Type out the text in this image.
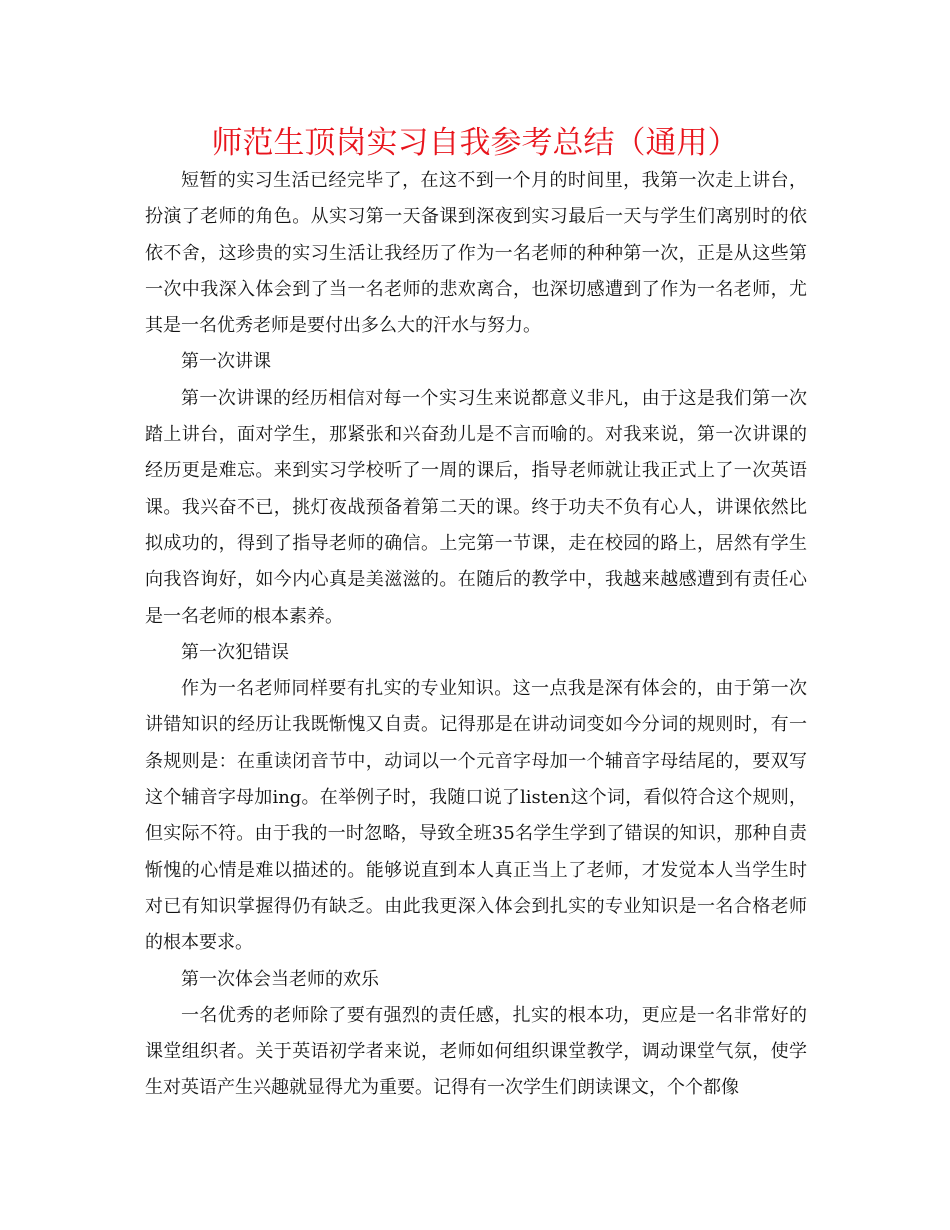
师范生顶岗实习自我参考总结（通用）

短暂的实习生活已经完毕了，在这不到一个月的时间里，我第一次走上讲台，扮演了老师的角色。从实习第一天备课到深夜到实习最后一天与学生们离别时的依依不舍，这珍贵的实习生活让我经历了作为一名老师的种种第一次，正是从这些第一次中我深入体会到了当一名老师的悲欢离合，也深切感遭到了作为一名老师，尤其是一名优秀老师是要付出多么大的汗水与努力。

第一次讲课

第一次讲课的经历相信对每一个实习生来说都意义非凡，由于这是我们第一次踏上讲台，面对学生，那紧张和兴奋劲儿是不言而喻的。对我来说，第一次讲课的经历更是难忘。来到实习学校听了一周的课后，指导老师就让我正式上了一次英语课。我兴奋不已，挑灯夜战预备着第二天的课。终于功夫不负有心人，讲课依然比拟成功的，得到了指导老师的确信。上完第一节课，走在校园的路上，居然有学生向我咨询好，如今内心真是美滋滋的。在随后的教学中，我越来越感遭到有责任心是一名老师的根本素养。

第一次犯错误

作为一名老师同样要有扎实的专业知识。这一点我是深有体会的，由于第一次讲错知识的经历让我既惭愧又自责。记得那是在讲动词变如今分词的规则时，有一条规则是：在重读闭音节中，动词以一个元音字母加一个辅音字母结尾的，要双写这个辅音字母加ing。在举例子时，我随口说了listen这个词，看似符合这个规则，但实际不符。由于我的一时忽略，导致全班35名学生学到了错误的知识，那种自责惭愧的心情是难以描述的。能够说直到本人真正当上了老师，才发觉本人当学生时对已有知识掌握得仍有缺乏。由此我更深入体会到扎实的专业知识是一名合格老师的根本要求。

第一次体会当老师的欢乐

一名优秀的老师除了要有强烈的责任感，扎实的根本功，更应是一名非常好的课堂组织者。关于英语初学者来说，老师如何组织课堂教学，调动课堂气氛，使学生对英语产生兴趣就显得尤为重要。记得有一次学生们朗读课文，个个都像
